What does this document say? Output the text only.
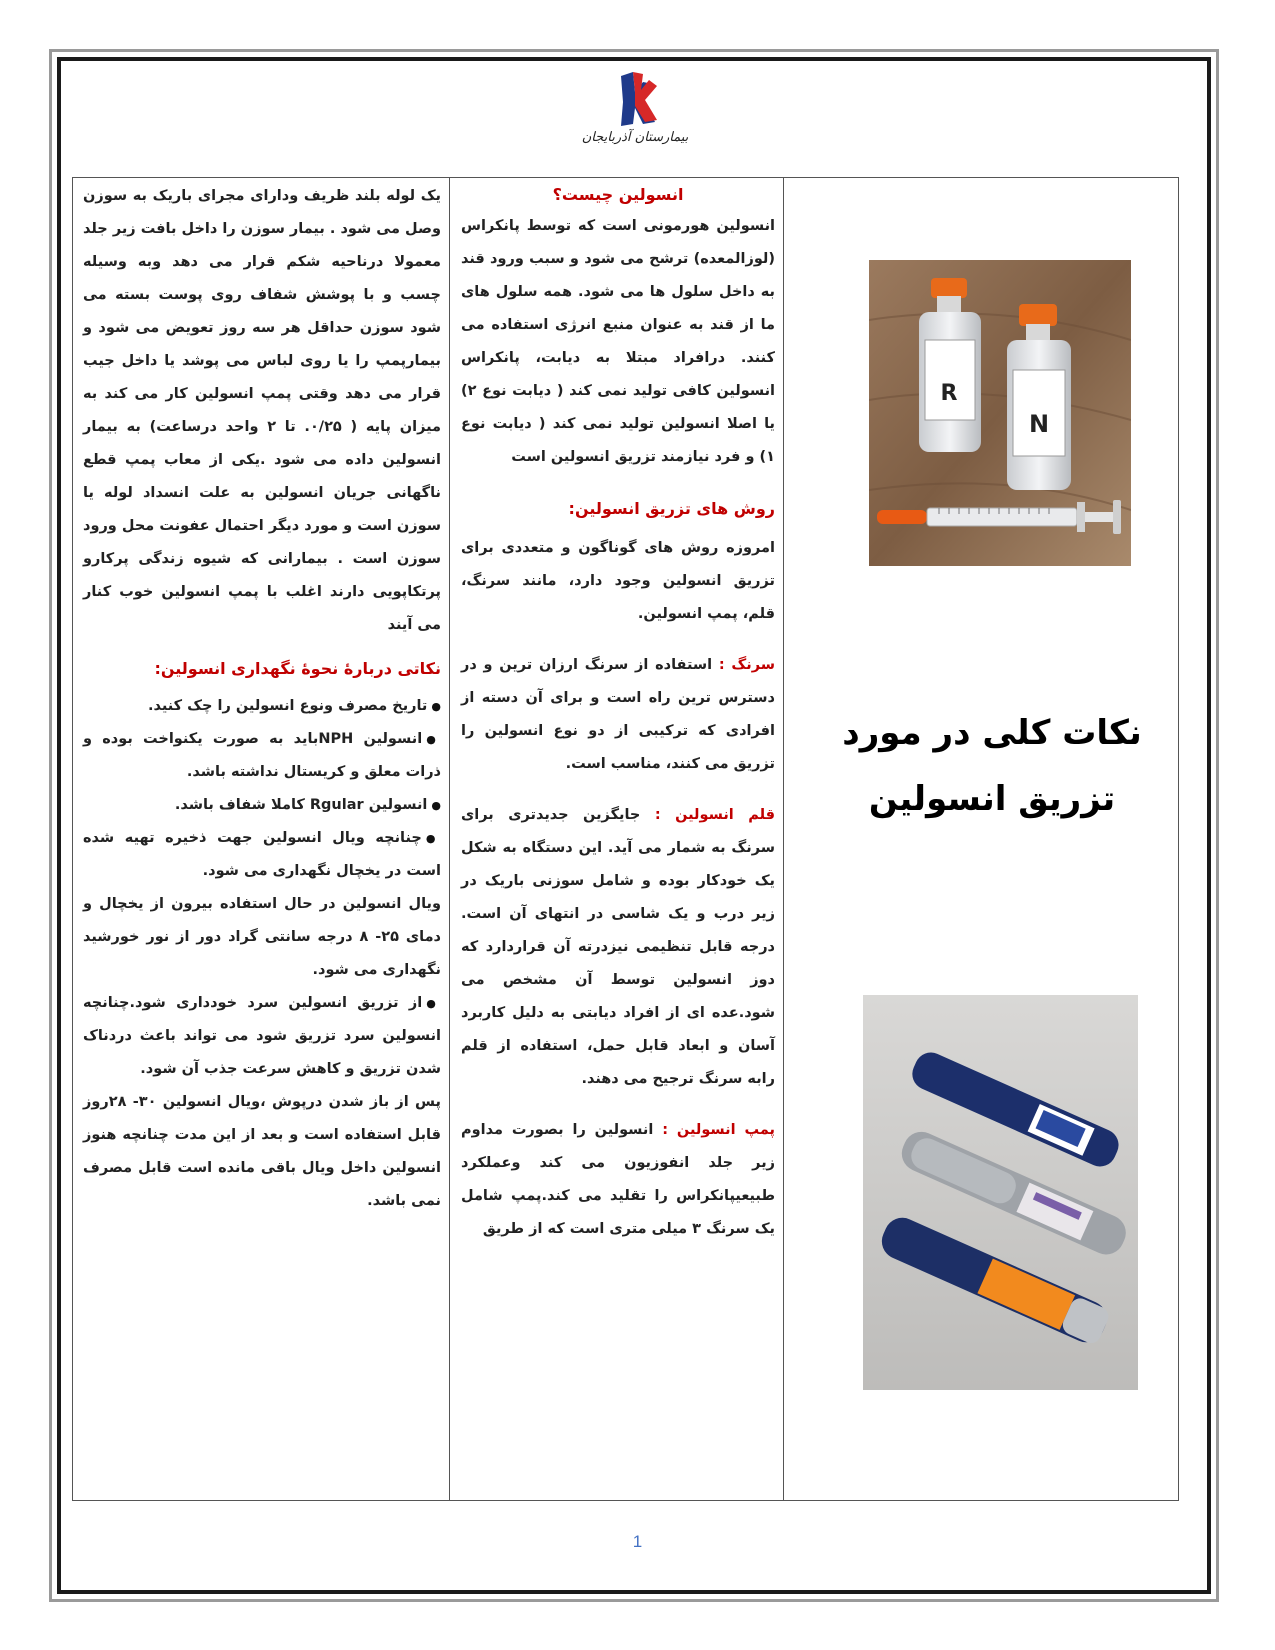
بیمارستان آذربایجان

یک لوله بلند ظریف ودارای مجرای باریک به سوزن وصل می شود . بیمار سوزن را داخل بافت زیر جلد معمولا درناحیه شکم قرار می دهد وبه وسیله چسب و با پوشش شفاف روی پوست بسته می شود سوزن حداقل هر سه روز تعویض می شود و بیمارپمپ را یا روی لباس می پوشد یا داخل جیب قرار می دهد وقتی پمپ انسولین کار می کند به میزان پایه ( ۰/۲۵. تا ۲ واحد درساعت) به بیمار انسولین داده می شود .یکی از معاب پمپ قطع ناگهانی جریان انسولین به علت انسداد لوله یا سوزن است و مورد دیگر احتمال عفونت محل ورود سوزن است . بیمارانی که شیوه زندگی پرکارو پرتکاپویی دارند اغلب با پمپ انسولین خوب کنار می آیند

نکاتی دربارهٔ نحوهٔ نگهداری انسولین:

● تاریخ مصرف ونوع انسولین را چک کنید.

● انسولین NPHباید به صورت یکنواخت بوده و ذرات معلق و کریستال نداشته باشد.

● انسولین Rgular کاملا شفاف باشد.

● چنانچه ویال انسولین جهت ذخیره تهیه شده است در یخچال نگهداری می شود.

ویال انسولین در حال استفاده بیرون از یخچال و دمای ۲۵- ۸ درجه سانتی گراد دور از نور خورشید نگهداری می شود.

● از تزریق انسولین سرد خودداری شود.چنانچه انسولین سرد تزریق شود می تواند باعث دردناک شدن تزریق و کاهش سرعت جذب آن شود.

پس از باز شدن درپوش ،ویال انسولین ۳۰- ۲۸روز قابل استفاده است و بعد از این مدت چنانچه هنوز انسولین داخل ویال باقی مانده است قابل مصرف نمی باشد.

انسولین چیست؟

انسولین هورمونی است که توسط پانکراس (لوزالمعده) ترشح می شود و سبب ورود قند به داخل سلول ها می شود. همه سلول های ما از قند به عنوان منبع انرژی استفاده می کنند. درافراد مبتلا به دیابت، پانکراس انسولین کافی تولید نمی کند ( دیابت نوع ۲) یا اصلا انسولین تولید نمی کند ( دیابت نوع ۱) و فرد نیازمند تزریق انسولین است

روش های تزریق انسولین:

امروزه روش های گوناگون و متعددی برای تزریق انسولین وجود دارد، مانند سرنگ، قلم، پمپ انسولین.

سرنگ : استفاده از سرنگ ارزان ترین و در دسترس ترین راه است و برای آن دسته از افرادی که ترکیبی از دو نوع انسولین را تزریق می کنند، مناسب است.

قلم انسولین : جایگزین جدیدتری برای سرنگ به شمار می آید. این دستگاه به شکل یک خودکار بوده و شامل سوزنی باریک در زیر درب و یک شاسی در انتهای آن است. درجه قابل تنظیمی نیزدرته آن قراردارد که دوز انسولین توسط آن مشخص می شود.عده ای از افراد دیابتی به دلیل کاربرد آسان و ابعاد قابل حمل، استفاده از قلم رابه سرنگ ترجیح می دهند.

پمپ انسولین : انسولین را بصورت مداوم زیر جلد انفوزیون می کند وعملکرد طبیعیپانکراس را تقلید می کند.پمپ شامل یک سرنگ ۳ میلی متری است که از طریق

R
N
نکات کلی در مورد
تزریق انسولین
1
